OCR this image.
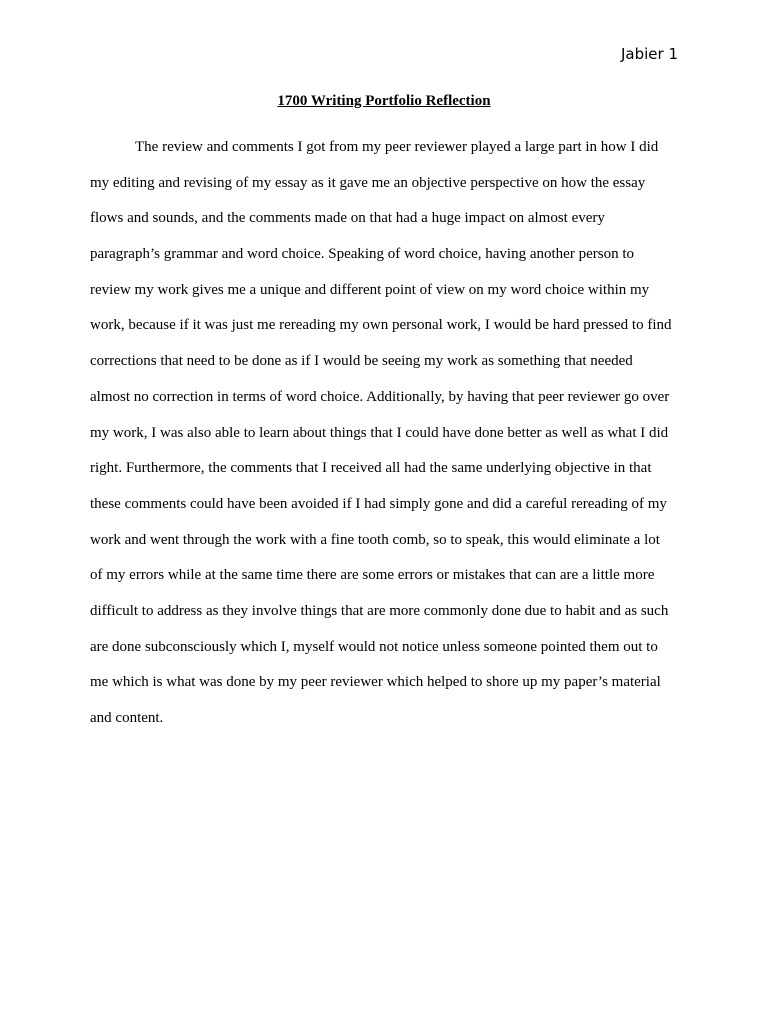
Jabier 1
1700 Writing Portfolio Reflection
The review and comments I got from my peer reviewer played a large part in how I did
my editing and revising of my essay as it gave me an objective perspective on how the essay
flows and sounds, and the comments made on that had a huge impact on almost every
paragraph’s grammar and word choice. Speaking of word choice, having another person to
review my work gives me a unique and different point of view on my word choice within my
work, because if it was just me rereading my own personal work, I would be hard pressed to find
corrections that need to be done as if I would be seeing my work as something that needed
almost no correction in terms of word choice. Additionally, by having that peer reviewer go over
my work, I was also able to learn about things that I could have done better as well as what I did
right. Furthermore, the comments that I received all had the same underlying objective in that
these comments could have been avoided if I had simply gone and did a careful rereading of my
work and went through the work with a fine tooth comb, so to speak, this would eliminate a lot
of my errors while at the same time there are some errors or mistakes that can are a little more
difficult to address as they involve things that are more commonly done due to habit and as such
are done subconsciously which I, myself would not notice unless someone pointed them out to
me which is what was done by my peer reviewer which helped to shore up my paper’s material
and content.
